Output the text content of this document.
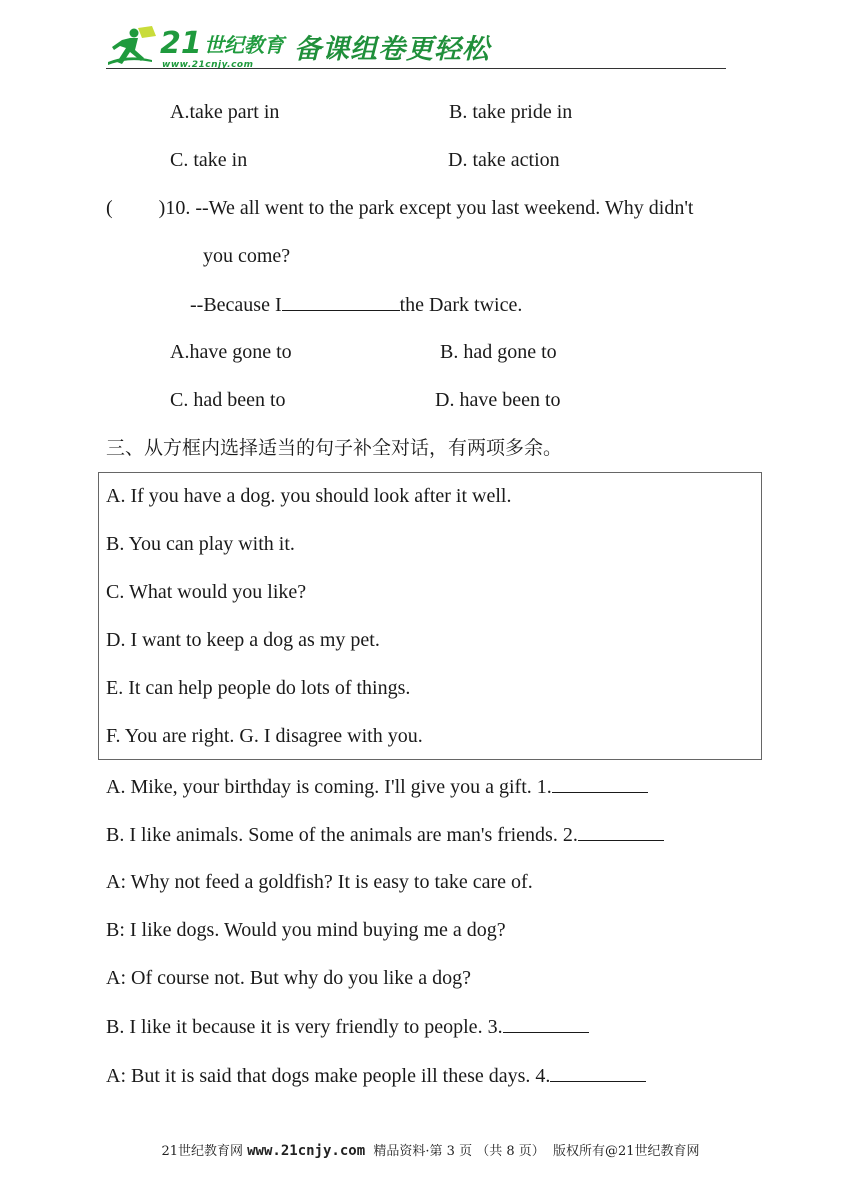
21 世纪教育
www.21cnjy.com 备课组卷更轻松
A.take part in	B. take pride in
C. take in	D. take action
( )10. --We all went to the park except you last weekend. Why didn't
you come?
--Because I	the Dark twice.
A.have gone to	B. had gone to
C. had been to	D. have been to
三、从方框内选择适当的句子补全对话，有两项多余。
A. If you have a dog. you should look after it well.
B. You can play with it.
C. What would you like?
D. I want to keep a dog as my pet.
E. It can help people do lots of things.
F. You are right. G. I disagree with you.
A. Mike, your birthday is coming. I'll give you a gift. 1.
B. I like animals. Some of the animals are man's friends. 2.
A: Why not feed a goldfish? It is easy to take care of.
B: I like dogs. Would you mind buying me a dog?
A: Of course not. But why do you like a dog?
B. I like it because it is very friendly to people. 3.
A: But it is said that dogs make people ill these days. 4.
21世纪教育网 www.21cnjy.com 精品资料·第 3 页 （共 8 页） 版权所有@21世纪教育网
